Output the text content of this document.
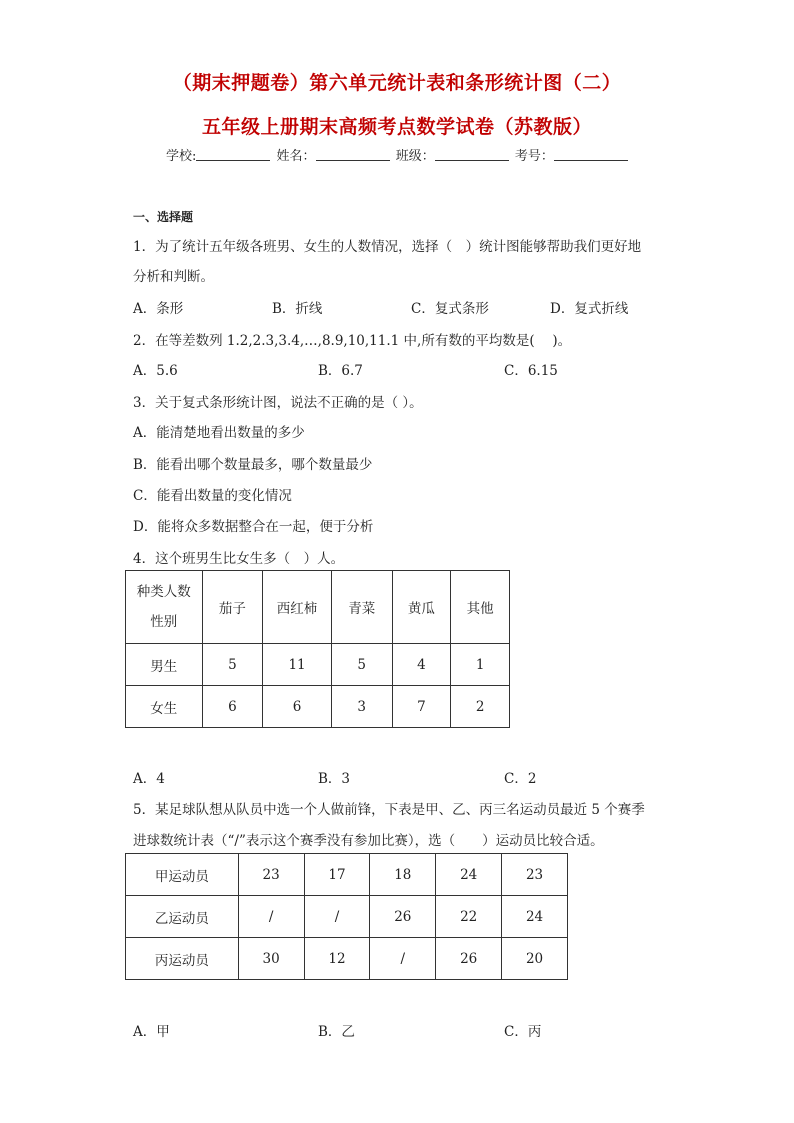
（期末押题卷）第六单元统计表和条形统计图（二）
五年级上册期末高频考点数学试卷（苏教版）
学校:	姓名：	班级：	考号：
一、选择题
1．为了统计五年级各班男、女生的人数情况，选择（　）统计图能够帮助我们更好地
分析和判断。
A．条形	B．折线	C．复式条形	D．复式折线
2．在等差数列 1.2,2.3,3.4,…,8.9,10,11.1 中,所有数的平均数是(　 )。
A．5.6	B．6.7	C．6.15
3．关于复式条形统计图，说法不正确的是（ ）。
A．能清楚地看出数量的多少
B．能看出哪个数量最多，哪个数量最少
C．能看出数量的变化情况
D．能将众多数据整合在一起，便于分析
4．这个班男生比女生多（　）人。
种类人数
性别	茄子	西红柿	青菜	黄瓜	其他
男生	5	11	5	4	1
女生	6	6	3	7	2
A．4	B．3	C．2
5．某足球队想从队员中选一个人做前锋，下表是甲、乙、丙三名运动员最近 5 个赛季
进球数统计表（“/”表示这个赛季没有参加比赛），选（　　）运动员比较合适。
甲运动员	23	17	18	24	23
乙运动员	/	/	26	22	24
丙运动员	30	12	/	26	20
A．甲	B．乙	C．丙
